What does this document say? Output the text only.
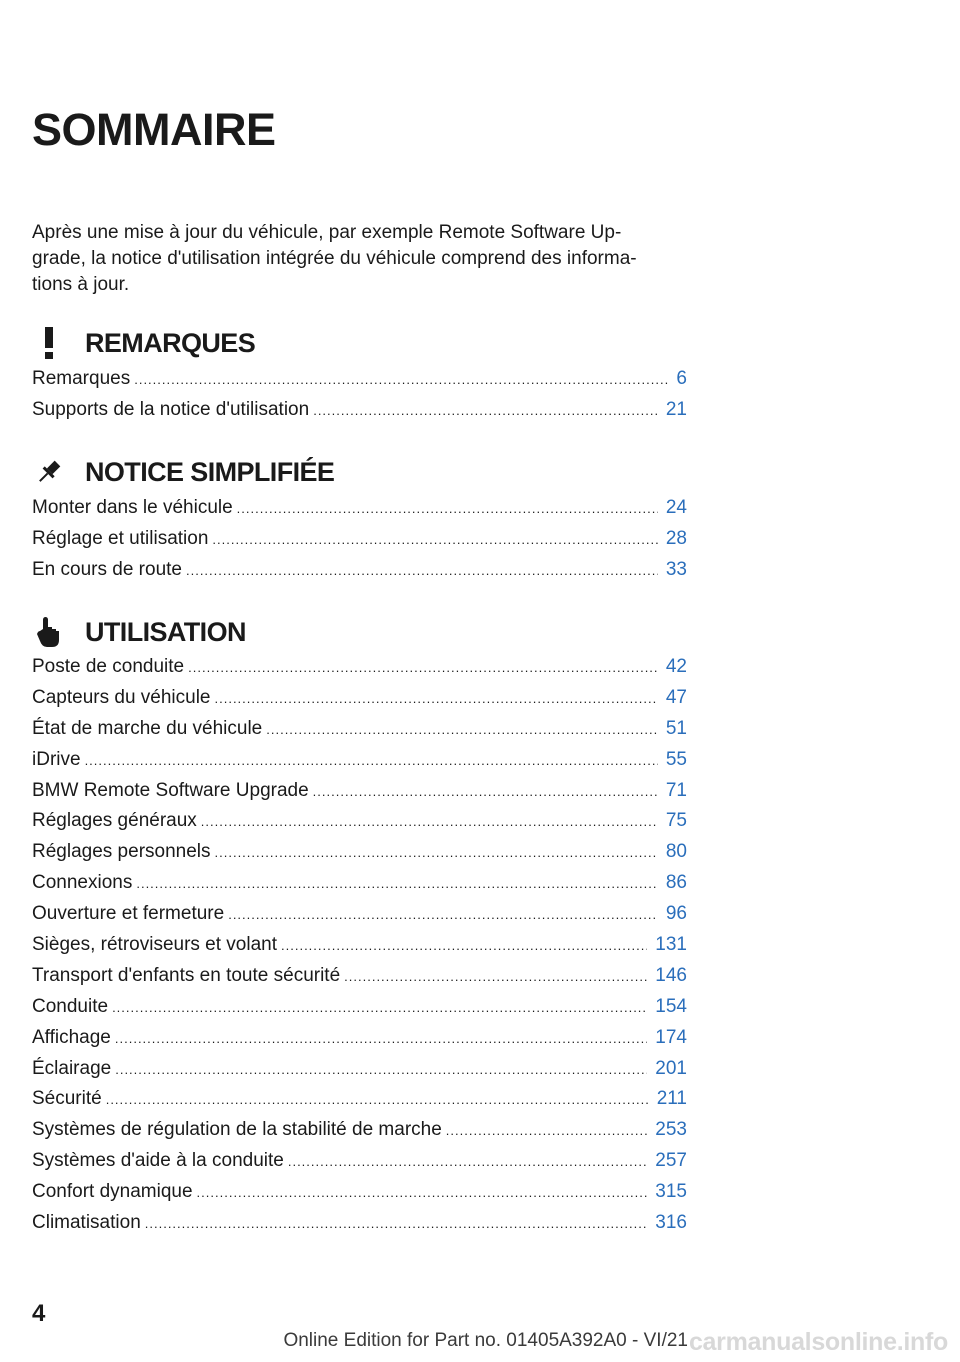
SOMMAIRE

Après une mise à jour du véhicule, par exemple Remote Software Up‐
grade, la notice d'utilisation intégrée du véhicule comprend des informa‐
tions à jour.

REMARQUES
Remarques .....	6
Supports de la notice d'utilisation .....	21
NOTICE SIMPLIFIÉE
Monter dans le véhicule .....	24
Réglage et utilisation .....	28
En cours de route .....	33
UTILISATION
Poste de conduite .....	42
Capteurs du véhicule .....	47
État de marche du véhicule .....	51
iDrive .....	55
BMW Remote Software Upgrade .....	71
Réglages généraux .....	75
Réglages personnels .....	80
Connexions .....	86
Ouverture et fermeture .....	96
Sièges, rétroviseurs et volant .....	131
Transport d'enfants en toute sécurité .....	146
Conduite .....	154
Affichage .....	174
Éclairage .....	201
Sécurité .....	211
Systèmes de régulation de la stabilité de marche .....	253
Systèmes d'aide à la conduite .....	257
Confort dynamique .....	315
Climatisation .....	316
4
Online Edition for Part no. 01405A392A0 - VI/21 carmanualsonline.info
